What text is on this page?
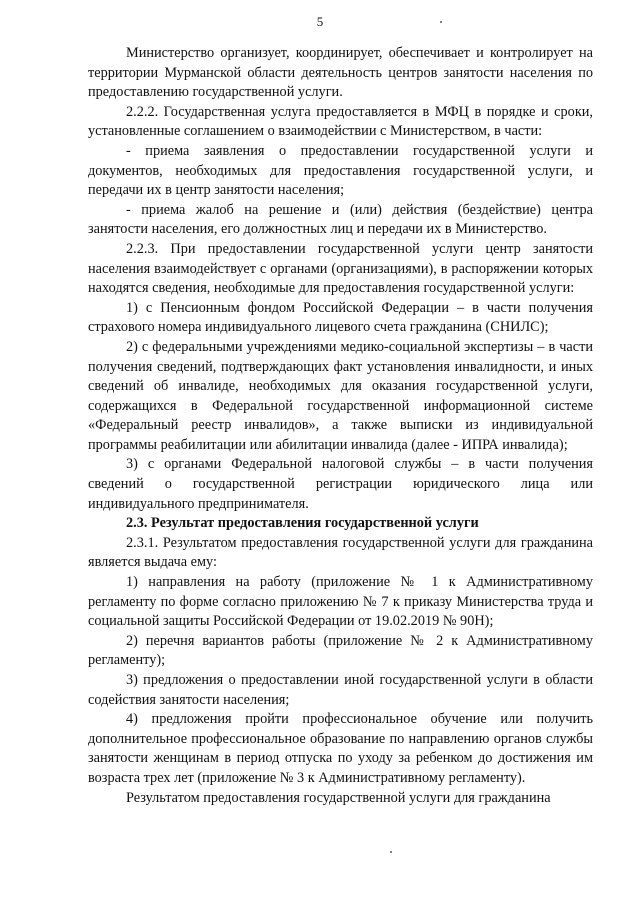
5

Министерство организует, координирует, обеспечивает и контролирует на территории Мурманской области деятельность центров занятости населения по предоставлению государственной услуги.

2.2.2. Государственная услуга предоставляется в МФЦ в порядке и сроки, установленные соглашением о взаимодействии с Министерством, в части:

- приема заявления о предоставлении государственной услуги и документов, необходимых для предоставления государственной услуги, и передачи их в центр занятости населения;

- приема жалоб на решение и (или) действия (бездействие) центра занятости населения, его должностных лиц и передачи их в Министерство.

2.2.3. При предоставлении государственной услуги центр занятости населения взаимодействует с органами (организациями), в распоряжении которых находятся сведения, необходимые для предоставления государственной услуги:

1) с Пенсионным фондом Российской Федерации – в части получения страхового номера индивидуального лицевого счета гражданина (СНИЛС);

2) с федеральными учреждениями медико-социальной экспертизы – в части получения сведений, подтверждающих факт установления инвалидности, и иных сведений об инвалиде, необходимых для оказания государственной услуги, содержащихся в Федеральной государственной информационной системе «Федеральный реестр инвалидов», а также выписки из индивидуальной программы реабилитации или абилитации инвалида (далее - ИПРА инвалида);

3) с органами Федеральной налоговой службы – в части получения сведений о государственной регистрации юридического лица или индивидуального предпринимателя.

2.3. Результат предоставления государственной услуги

2.3.1. Результатом предоставления государственной услуги для гражданина является выдача ему:

1) направления на работу (приложение № 1 к Административному регламенту по форме согласно приложению № 7 к приказу Министерства труда и социальной защиты Российской Федерации от 19.02.2019 № 90Н);

2) перечня вариантов работы (приложение № 2 к Административному регламенту);

3) предложения о предоставлении иной государственной услуги в области содействия занятости населения;

4) предложения пройти профессиональное обучение или получить дополнительное профессиональное образование по направлению органов службы занятости женщинам в период отпуска по уходу за ребенком до достижения им возраста трех лет (приложение № 3 к Административному регламенту).

Результатом предоставления государственной услуги для гражданина
